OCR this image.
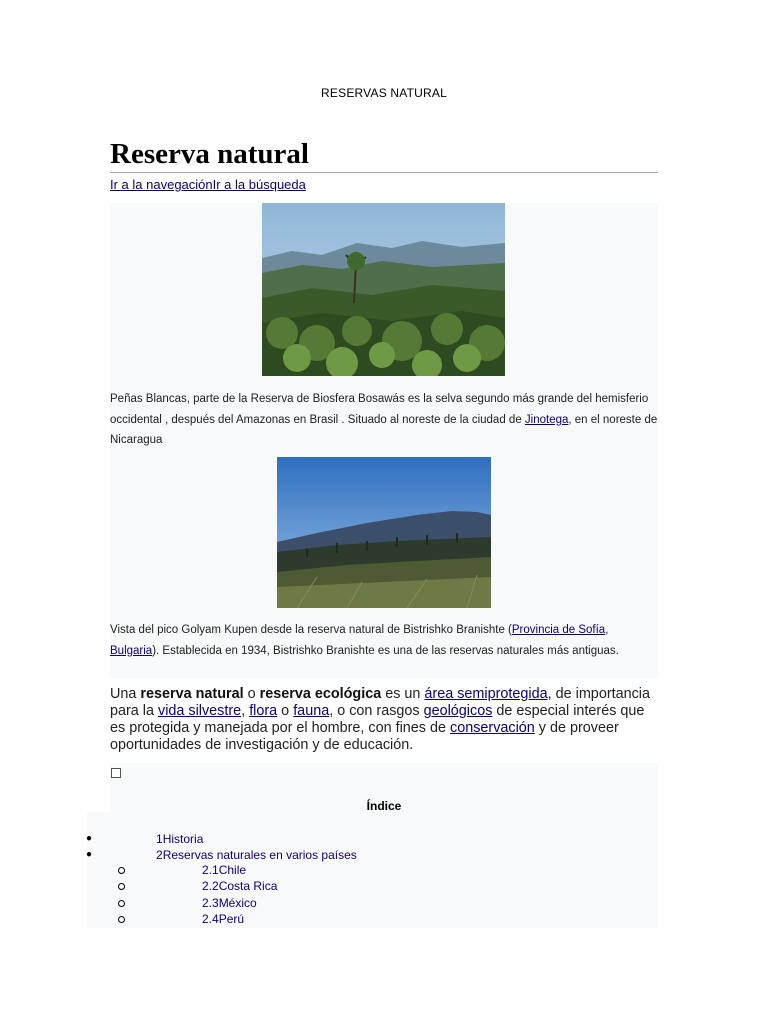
RESERVAS NATURAL
Reserva natural
Ir a la navegaciónIr a la búsqueda
Peñas Blancas, parte de la Reserva de Biosfera Bosawás es la selva segundo más grande del hemisferio occidental , después del Amazonas en Brasil . Situado al noreste de la ciudad de Jinotega, en el noreste de Nicaragua
Vista del pico Golyam Kupen desde la reserva natural de Bistrishko Branishte (Provincia de Sofía, Bulgaria). Establecida en 1934, Bistrishko Branishte es una de las reservas naturales más antiguas.

Una reserva natural o reserva ecológica es un área semiprotegida, de importancia para la vida silvestre, flora o fauna, o con rasgos geológicos de especial interés que es protegida y manejada por el hombre, con fines de conservación y de proveer oportunidades de investigación y de educación.

Índice
●	1Historia
●	2Reservas naturales en varios países
2.1Chile
2.2Costa Rica
2.3México
2.4Perú
